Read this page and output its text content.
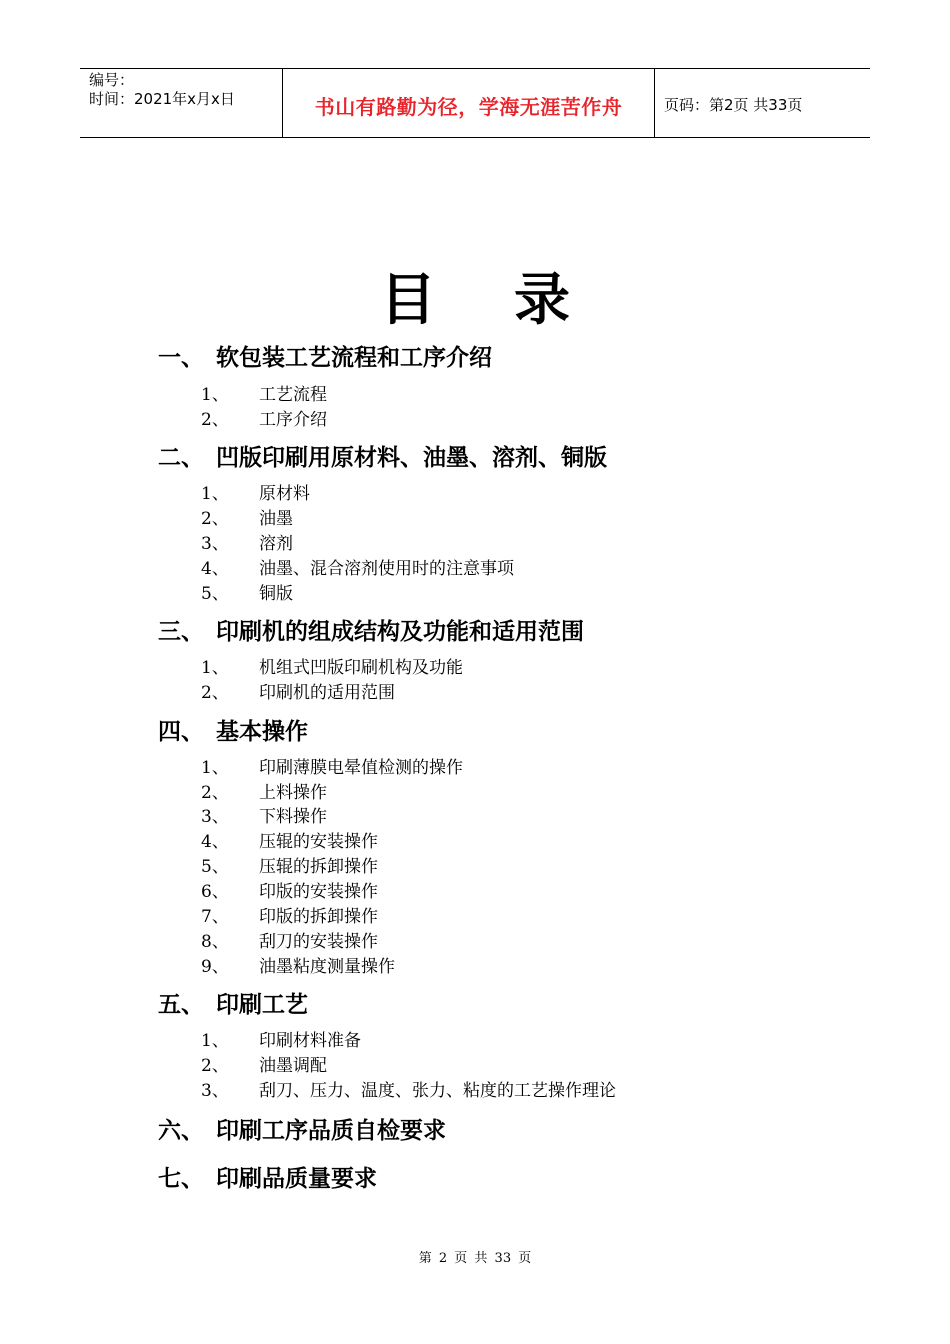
编号：
时间：2021年x月x日	书山有路勤为径，学海无涯苦作舟	页码：第2页 共33页
目 录
一、 软包装工艺流程和工序介绍
1、 工艺流程
2、 工序介绍
二、 凹版印刷用原材料、油墨、溶剂、铜版
1、 原材料
2、 油墨
3、 溶剂
4、 油墨、混合溶剂使用时的注意事项
5、 铜版
三、 印刷机的组成结构及功能和适用范围
1、 机组式凹版印刷机构及功能
2、 印刷机的适用范围
四、 基本操作
1、 印刷薄膜电晕值检测的操作
2、 上料操作
3、 下料操作
4、 压辊的安装操作
5、 压辊的拆卸操作
6、 印版的安装操作
7、 印版的拆卸操作
8、 刮刀的安装操作
9、 油墨粘度测量操作
五、 印刷工艺
1、 印刷材料准备
2、 油墨调配
3、 刮刀、压力、温度、张力、粘度的工艺操作理论
六、 印刷工序品质自检要求
七、 印刷品质量要求
第 2 页 共 33 页
